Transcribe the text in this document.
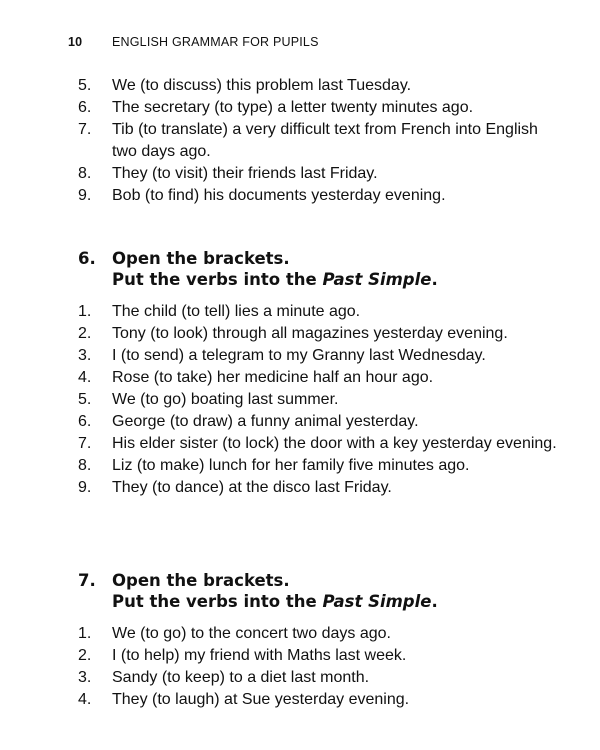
10	ENGLISH GRAMMAR FOR PUPILS
5.	We (to discuss) this problem last Tuesday.
6.	The secretary (to type) a letter twenty minutes ago.
7.	Tib (to translate) a very difficult text from French into English two days ago.
8.	They (to visit) their friends last Friday.
9.	Bob (to find) his documents yesterday evening.
6. Open the brackets.
Put the verbs into the Past Simple.
1.	The child (to tell) lies a minute ago.
2.	Tony (to look) through all magazines yesterday evening.
3.	I (to send) a telegram to my Granny last Wednesday.
4.	Rose (to take) her medicine half an hour ago.
5.	We (to go) boating last summer.
6.	George (to draw) a funny animal yesterday.
7.	His elder sister (to lock) the door with a key yesterday evening.
8.	Liz (to make) lunch for her family five minutes ago.
9.	They (to dance) at the disco last Friday.
7. Open the brackets.
Put the verbs into the Past Simple.
1.	We (to go) to the concert two days ago.
2.	I (to help) my friend with Maths last week.
3.	Sandy (to keep) to a diet last month.
4.	They (to laugh) at Sue yesterday evening.
